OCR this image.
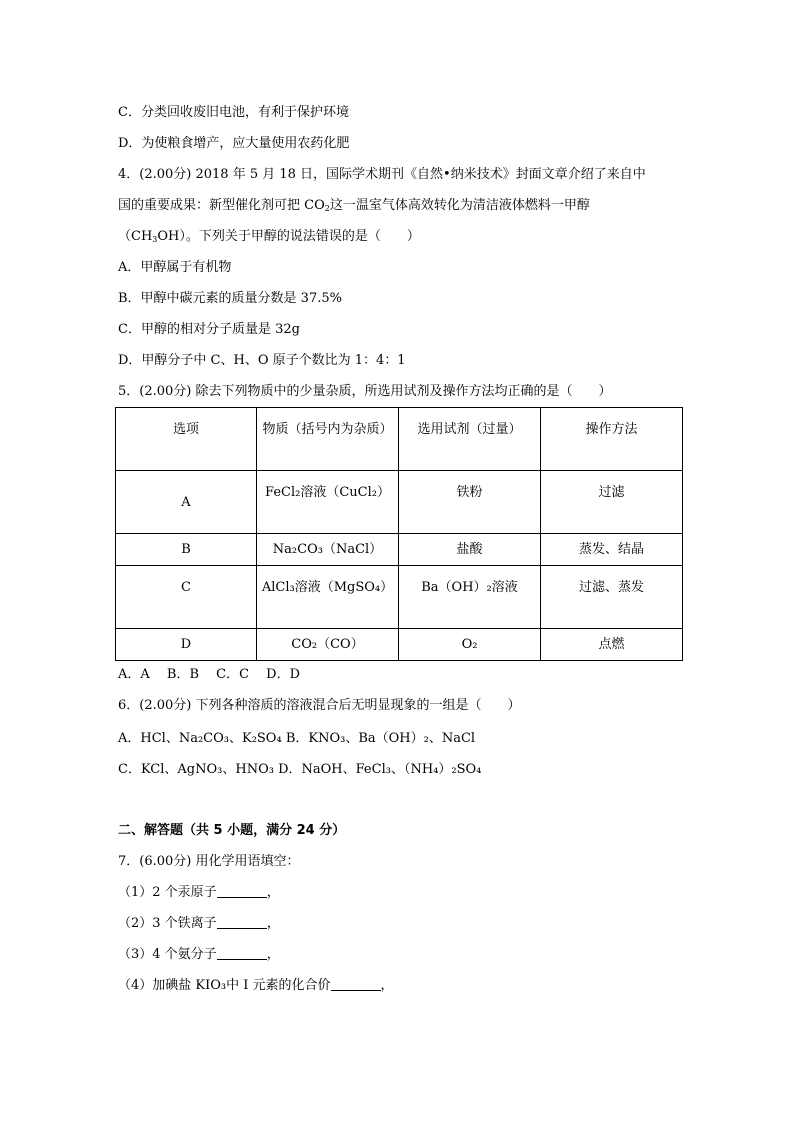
C．分类回收废旧电池，有利于保护环境
D．为使粮食增产，应大量使用农药化肥
4．(2.00分) 2018 年 5 月 18 日，国际学术期刊《自然•纳米技术》封面文章介绍了来自中
国的重要成果：新型催化剂可把 $CO_2$这一温室气体高效转化为清洁液体燃料一甲醇
$(CH_3OH)$。下列关于甲醇的说法错误的是（　　）
A．甲醇属于有机物
B．甲醇中碳元素的质量分数是 37.5%
C．甲醇的相对分子质量是 32g
D．甲醇分子中 C、H、O 原子个数比为 1：4：1
5．(2.00分) 除去下列物质中的少量杂质，所选用试剂及操作方法均正确的是（　　）
选项	物质（括号内为杂质）	选用试剂（过量）	操作方法
A	FeCl₂溶液（CuCl₂）	铁粉	过滤
B	Na₂CO₃（NaCl）	盐酸	蒸发、结晶
C	AlCl₃溶液（MgSO₄）	Ba（OH）₂溶液	过滤、蒸发
D	CO₂（CO）	O₂	点燃
A．A　 B．B　 C．C　 D．D
6．(2.00分) 下列各种溶质的溶液混合后无明显现象的一组是（　　）
A．HCl、Na₂CO₃、K₂SO₄ B．KNO₃、Ba（OH）₂、NaCl
C．KCl、AgNO₃、HNO₃ D．NaOH、FeCl₃、（NH₄）₂SO₄
二、解答题（共 5 小题，满分 24 分）
7．(6.00分) 用化学用语填空：
（1）2 个汞原子	，
（2）3 个铁离子	，
（3）4 个氨分子	，
（4）加碘盐 KIO₃中 I 元素的化合价	，
